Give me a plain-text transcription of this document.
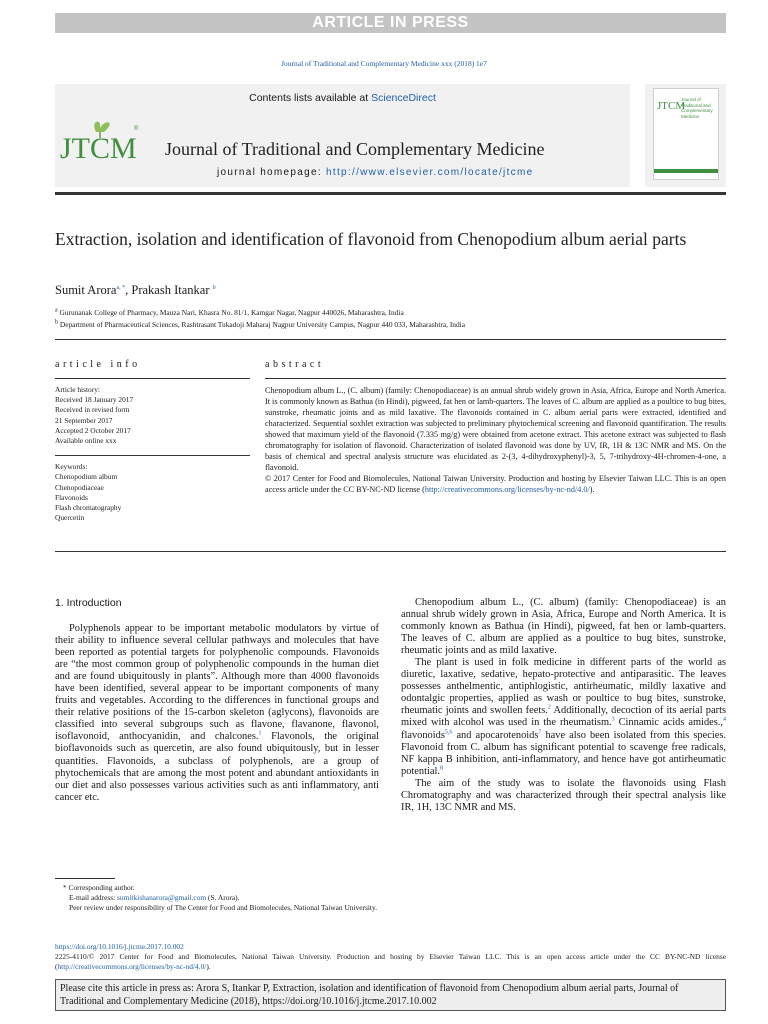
ARTICLE IN PRESS
Journal of Traditional and Complementary Medicine xxx (2018) 1e7
Contents lists available at ScienceDirect
JTCM
®
Journal of Traditional and Complementary Medicine
journal homepage: http://www.elsevier.com/locate/jtcme
JTCM
Journal of
Traditional and
Complementary
Medicine
Extraction, isolation and identification of flavonoid from Chenopodium album aerial parts
Sumit Arora$^{a, *}$, Prakash Itankar $^b$
$^a$ Gurunanak College of Pharmacy, Mauza Nari, Khasra No. 81/1, Kamgar Nagar, Nagpur 440026, Maharashtra, India
$^b$ Department of Pharmaceutical Sciences, Rashtrasant Tukadoji Maharaj Nagpur University Campus, Nagpur 440 033, Maharashtra, India
article info
Article history:
Received 18 January 2017
Received in revised form
21 September 2017
Accepted 2 October 2017
Available online xxx
Keywords:
Chenopodium album
Chenopodiaceae
Flavonoids
Flash chromatography
Quercetin
abstract
Chenopodium album L., (C. album) (family: Chenopodiaceae) is an annual shrub widely grown in Asia, Africa, Europe and North America. It is commonly known as Bathua (in Hindi), pigweed, fat hen or lamb-quarters. The leaves of C. album are applied as a poultice to bug bites, sunstroke, rheumatic joints and as mild laxative. The flavonoids contained in C. album aerial parts were extracted, identified and characterized. Sequential soxhlet extraction was subjected to preliminary phytochemical screening and flavonoid quantification. The results showed that maximum yield of the flavonoid (7.335 mg/g) were obtained from acetone extract. This acetone extract was subjected to flash chromatography for isolation of flavonoid. Characterization of isolated flavonoid was done by UV, IR, 1H & 13C NMR and MS. On the basis of chemical and spectral analysis structure was elucidated as 2-(3, 4-dihydroxyphenyl)-3, 5, 7-trihydroxy-4H-chromen-4-one, a flavonoid.
© 2017 Center for Food and Biomolecules, National Taiwan University. Production and hosting by Elsevier Taiwan LLC. This is an open access article under the CC BY-NC-ND license (http://creativecommons.org/licenses/by-nc-nd/4.0/).
1. Introduction
Polyphenols appear to be important metabolic modulators by virtue of their ability to influence several cellular pathways and molecules that have been reported as potential targets for polyphenolic compounds. Flavonoids are “the most common group of polyphenolic compounds in the human diet and are found ubiquitously in plants”. Although more than 4000 flavonoids have been identified, several appear to be important components of many fruits and vegetables. According to the differences in functional groups and their relative positions of the 15-carbon skeleton (aglycons), flavonoids are classified into several subgroups such as flavone, flavanone, flavonol, isoflavonoid, anthocyanidin, and chalcones.$^1$ Flavonols, the original bioflavonoids such as quercetin, are also found ubiquitously, but in lesser quantities. Flavonoids, a subclass of polyphenols, are a group of phytochemicals that are among the most potent and abundant antioxidants in our diet and also possesses various activities such as anti inflammatory, anti cancer etc.
Chenopodium album L., (C. album) (family: Chenopodiaceae) is an annual shrub widely grown in Asia, Africa, Europe and North America. It is commonly known as Bathua (in Hindi), pigweed, fat hen or lamb-quarters. The leaves of C. album are applied as a poultice to bug bites, sunstroke, rheumatic joints and as mild laxative.
The plant is used in folk medicine in different parts of the world as diuretic, laxative, sedative, hepato-protective and antiparasitic. The leaves possesses anthelmentic, antiphlogistic, antirheumatic, mildly laxative and odontalgic properties, applied as wash or poultice to bug bites, sunstroke, rheumatic joints and swollen feets.$^2$ Additionally, decoction of its aerial parts mixed with alcohol was used in the rheumatism.$^3$ Cinnamic acids amides.,$^4$ flavonoids$^{5,6}$ and apocarotenoids$^7$ have also been isolated from this species. Flavonoid from C. album has significant potential to scavenge free radicals, NF kappa B inhibition, anti-inflammatory, and hence have got antirheumatic potential.$^8$
The aim of the study was to isolate the flavonoids using Flash Chromatography and was characterized through their spectral analysis like IR, 1H, 13C NMR and MS.
* Corresponding author.
E-mail address: sumitkishanarora@gmail.com (S. Arora).
Peer review under responsibility of The Center for Food and Biomolecules, National Taiwan University.
https://doi.org/10.1016/j.jtcme.2017.10.002
2225-4110/© 2017 Center for Food and Biomolecules, National Taiwan University. Production and hosting by Elsevier Taiwan LLC. This is an open access article under the CC BY-NC-ND license (http://creativecommons.org/licenses/by-nc-nd/4.0/).
Please cite this article in press as: Arora S, Itankar P, Extraction, isolation and identification of flavonoid from Chenopodium album aerial parts, Journal of Traditional and Complementary Medicine (2018), https://doi.org/10.1016/j.jtcme.2017.10.002
